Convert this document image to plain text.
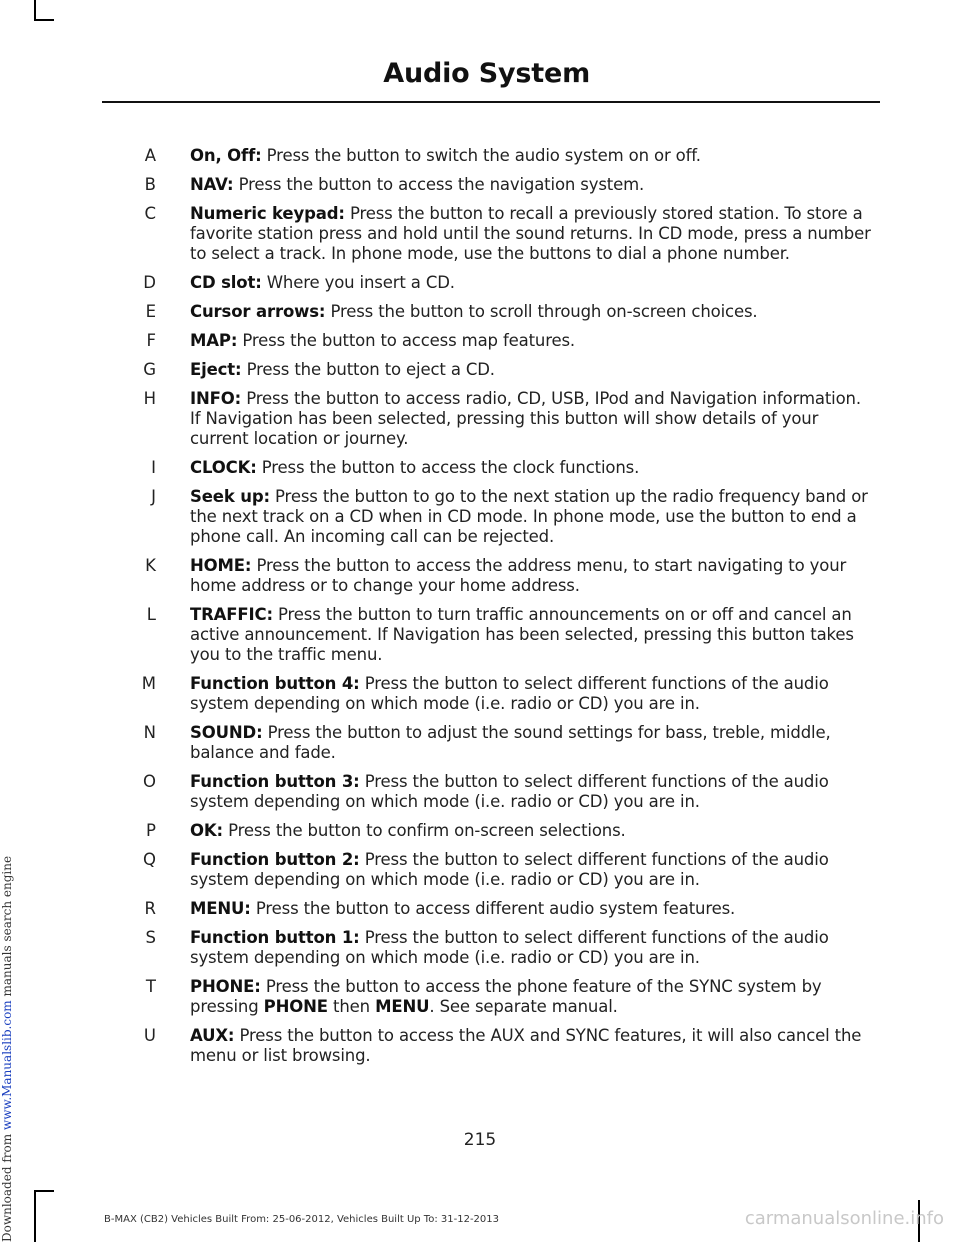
Downloaded from www.Manualslib.com manuals search engine
Audio System
A	On, Off: Press the button to switch the audio system on or off.
B	NAV: Press the button to access the navigation system.
C	Numeric keypad: Press the button to recall a previously stored station. To store a favorite station press and hold until the sound returns. In CD mode, press a number to select a track. In phone mode, use the buttons to dial a phone number.
D	CD slot: Where you insert a CD.
E	Cursor arrows: Press the button to scroll through on-screen choices.
F	MAP: Press the button to access map features.
G	Eject: Press the button to eject a CD.
H	INFO: Press the button to access radio, CD, USB, IPod and Navigation information. If Navigation has been selected, pressing this button will show details of your current location or journey.
I	CLOCK: Press the button to access the clock functions.
J	Seek up: Press the button to go to the next station up the radio frequency band or the next track on a CD when in CD mode. In phone mode, use the button to end a phone call. An incoming call can be rejected.
K	HOME: Press the button to access the address menu, to start navigating to your home address or to change your home address.
L	TRAFFIC: Press the button to turn traffic announcements on or off and cancel an active announcement. If Navigation has been selected, pressing this button takes you to the traffic menu.
M	Function button 4: Press the button to select different functions of the audio system depending on which mode (i.e. radio or CD) you are in.
N	SOUND: Press the button to adjust the sound settings for bass, treble, middle, balance and fade.
O	Function button 3: Press the button to select different functions of the audio system depending on which mode (i.e. radio or CD) you are in.
P	OK: Press the button to confirm on-screen selections.
Q	Function button 2: Press the button to select different functions of the audio system depending on which mode (i.e. radio or CD) you are in.
R	MENU: Press the button to access different audio system features.
S	Function button 1: Press the button to select different functions of the audio system depending on which mode (i.e. radio or CD) you are in.
T	PHONE: Press the button to access the phone feature of the SYNC system by pressing PHONE then MENU. See separate manual.
U	AUX: Press the button to access the AUX and SYNC features, it will also cancel the menu or list browsing.
215
B-MAX (CB2) Vehicles Built From: 25-06-2012, Vehicles Built Up To: 31-12-2013	carmanualsonline.info
